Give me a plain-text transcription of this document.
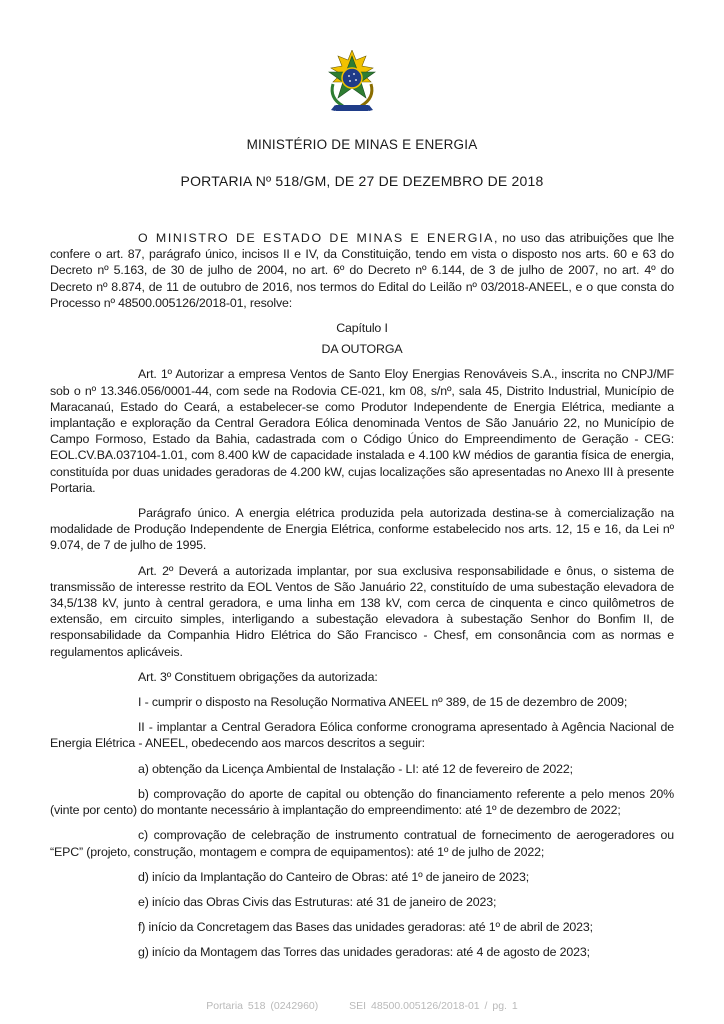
MINISTÉRIO DE MINAS E ENERGIA
PORTARIA Nº 518/GM, DE 27 DE DEZEMBRO DE 2018

O MINISTRO DE ESTADO DE MINAS E ENERGIA, no uso das atribuições que lhe confere o art. 87, parágrafo único, incisos II e IV, da Constituição, tendo em vista o disposto nos arts. 60 e 63 do Decreto nº 5.163, de 30 de julho de 2004, no art. 6º do Decreto nº 6.144, de 3 de julho de 2007, no art. 4º do Decreto nº 8.874, de 11 de outubro de 2016, nos termos do Edital do Leilão nº 03/2018-ANEEL, e o que consta do Processo nº 48500.005126/2018-01, resolve:

Capítulo I

DA OUTORGA

Art. 1º Autorizar a empresa Ventos de Santo Eloy Energias Renováveis S.A., inscrita no CNPJ/MF sob o nº 13.346.056/0001-44, com sede na Rodovia CE-021, km 08, s/nº, sala 45, Distrito Industrial, Município de Maracanaú, Estado do Ceará, a estabelecer-se como Produtor Independente de Energia Elétrica, mediante a implantação e exploração da Central Geradora Eólica denominada Ventos de São Januário 22, no Município de Campo Formoso, Estado da Bahia, cadastrada com o Código Único do Empreendimento de Geração - CEG: EOL.CV.BA.037104-1.01, com 8.400 kW de capacidade instalada e 4.100 kW médios de garantia física de energia, constituída por duas unidades geradoras de 4.200 kW, cujas localizações são apresentadas no Anexo III à presente Portaria.

Parágrafo único. A energia elétrica produzida pela autorizada destina-se à comercialização na modalidade de Produção Independente de Energia Elétrica, conforme estabelecido nos arts. 12, 15 e 16, da Lei nº 9.074, de 7 de julho de 1995.

Art. 2º Deverá a autorizada implantar, por sua exclusiva responsabilidade e ônus, o sistema de transmissão de interesse restrito da EOL Ventos de São Januário 22, constituído de uma subestação elevadora de 34,5/138 kV, junto à central geradora, e uma linha em 138 kV, com cerca de cinquenta e cinco quilômetros de extensão, em circuito simples, interligando a subestação elevadora à subestação Senhor do Bonfim II, de responsabilidade da Companhia Hidro Elétrica do São Francisco - Chesf, em consonância com as normas e regulamentos aplicáveis.

Art. 3º Constituem obrigações da autorizada:

I - cumprir o disposto na Resolução Normativa ANEEL nº 389, de 15 de dezembro de 2009;

II - implantar a Central Geradora Eólica conforme cronograma apresentado à Agência Nacional de Energia Elétrica - ANEEL, obedecendo aos marcos descritos a seguir:

a) obtenção da Licença Ambiental de Instalação - LI: até 12 de fevereiro de 2022;

b) comprovação do aporte de capital ou obtenção do financiamento referente a pelo menos 20% (vinte por cento) do montante necessário à implantação do empreendimento: até 1º de dezembro de 2022;

c) comprovação de celebração de instrumento contratual de fornecimento de aerogeradores ou “EPC” (projeto, construção, montagem e compra de equipamentos): até 1º de julho de 2022;

d) início da Implantação do Canteiro de Obras: até 1º de janeiro de 2023;

e) início das Obras Civis das Estruturas: até 31 de janeiro de 2023;

f) início da Concretagem das Bases das unidades geradoras: até 1º de abril de 2023;

g) início da Montagem das Torres das unidades geradoras: até 4 de agosto de 2023;

Portaria 518 (0242960)	SEI 48500.005126/2018-01 / pg. 1
